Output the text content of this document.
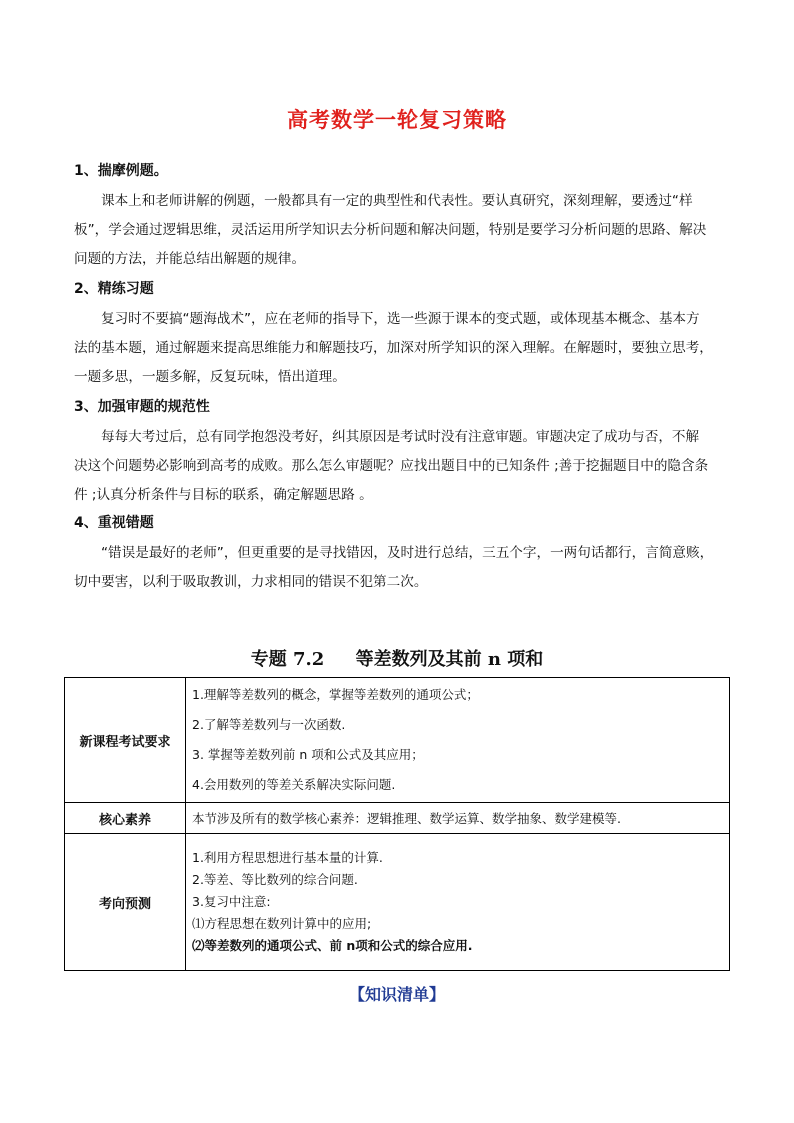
高考数学一轮复习策略
1、揣摩例题。
课本上和老师讲解的例题，一般都具有一定的典型性和代表性。要认真研究，深刻理解，要透过“样
板”，学会通过逻辑思维，灵活运用所学知识去分析问题和解决问题，特别是要学习分析问题的思路、解决
问题的方法，并能总结出解题的规律。
2、精练习题
复习时不要搞“题海战术”，应在老师的指导下，选一些源于课本的变式题，或体现基本概念、基本方
法的基本题，通过解题来提高思维能力和解题技巧，加深对所学知识的深入理解。在解题时，要独立思考，
一题多思，一题多解，反复玩味，悟出道理。
3、加强审题的规范性
每每大考过后，总有同学抱怨没考好，纠其原因是考试时没有注意审题。审题决定了成功与否，不解
决这个问题势必影响到高考的成败。那么怎么审题呢？应找出题目中的已知条件 ;善于挖掘题目中的隐含条
件 ;认真分析条件与目标的联系，确定解题思路 。
4、重视错题
“错误是最好的老师”，但更重要的是寻找错因，及时进行总结，三五个字，一两句话都行，言简意赅，
切中要害，以利于吸取教训，力求相同的错误不犯第二次。
专题 7.2     等差数列及其前 n 项和
新课程考试要求	1.理解等差数列的概念，掌握等差数列的通项公式；
2.了解等差数列与一次函数.
3. 掌握等差数列前 n 项和公式及其应用；
4.会用数列的等差关系解决实际问题.

核心素养	本节涉及所有的数学核心素养：逻辑推理、数学运算、数学抽象、数学建模等.
考向预测	1.利用方程思想进行基本量的计算.
2.等差、等比数列的综合问题.
3.复习中注意:
⑴方程思想在数列计算中的应用;
⑵等差数列的通项公式、前 n项和公式的综合应用.
【知识清单】
